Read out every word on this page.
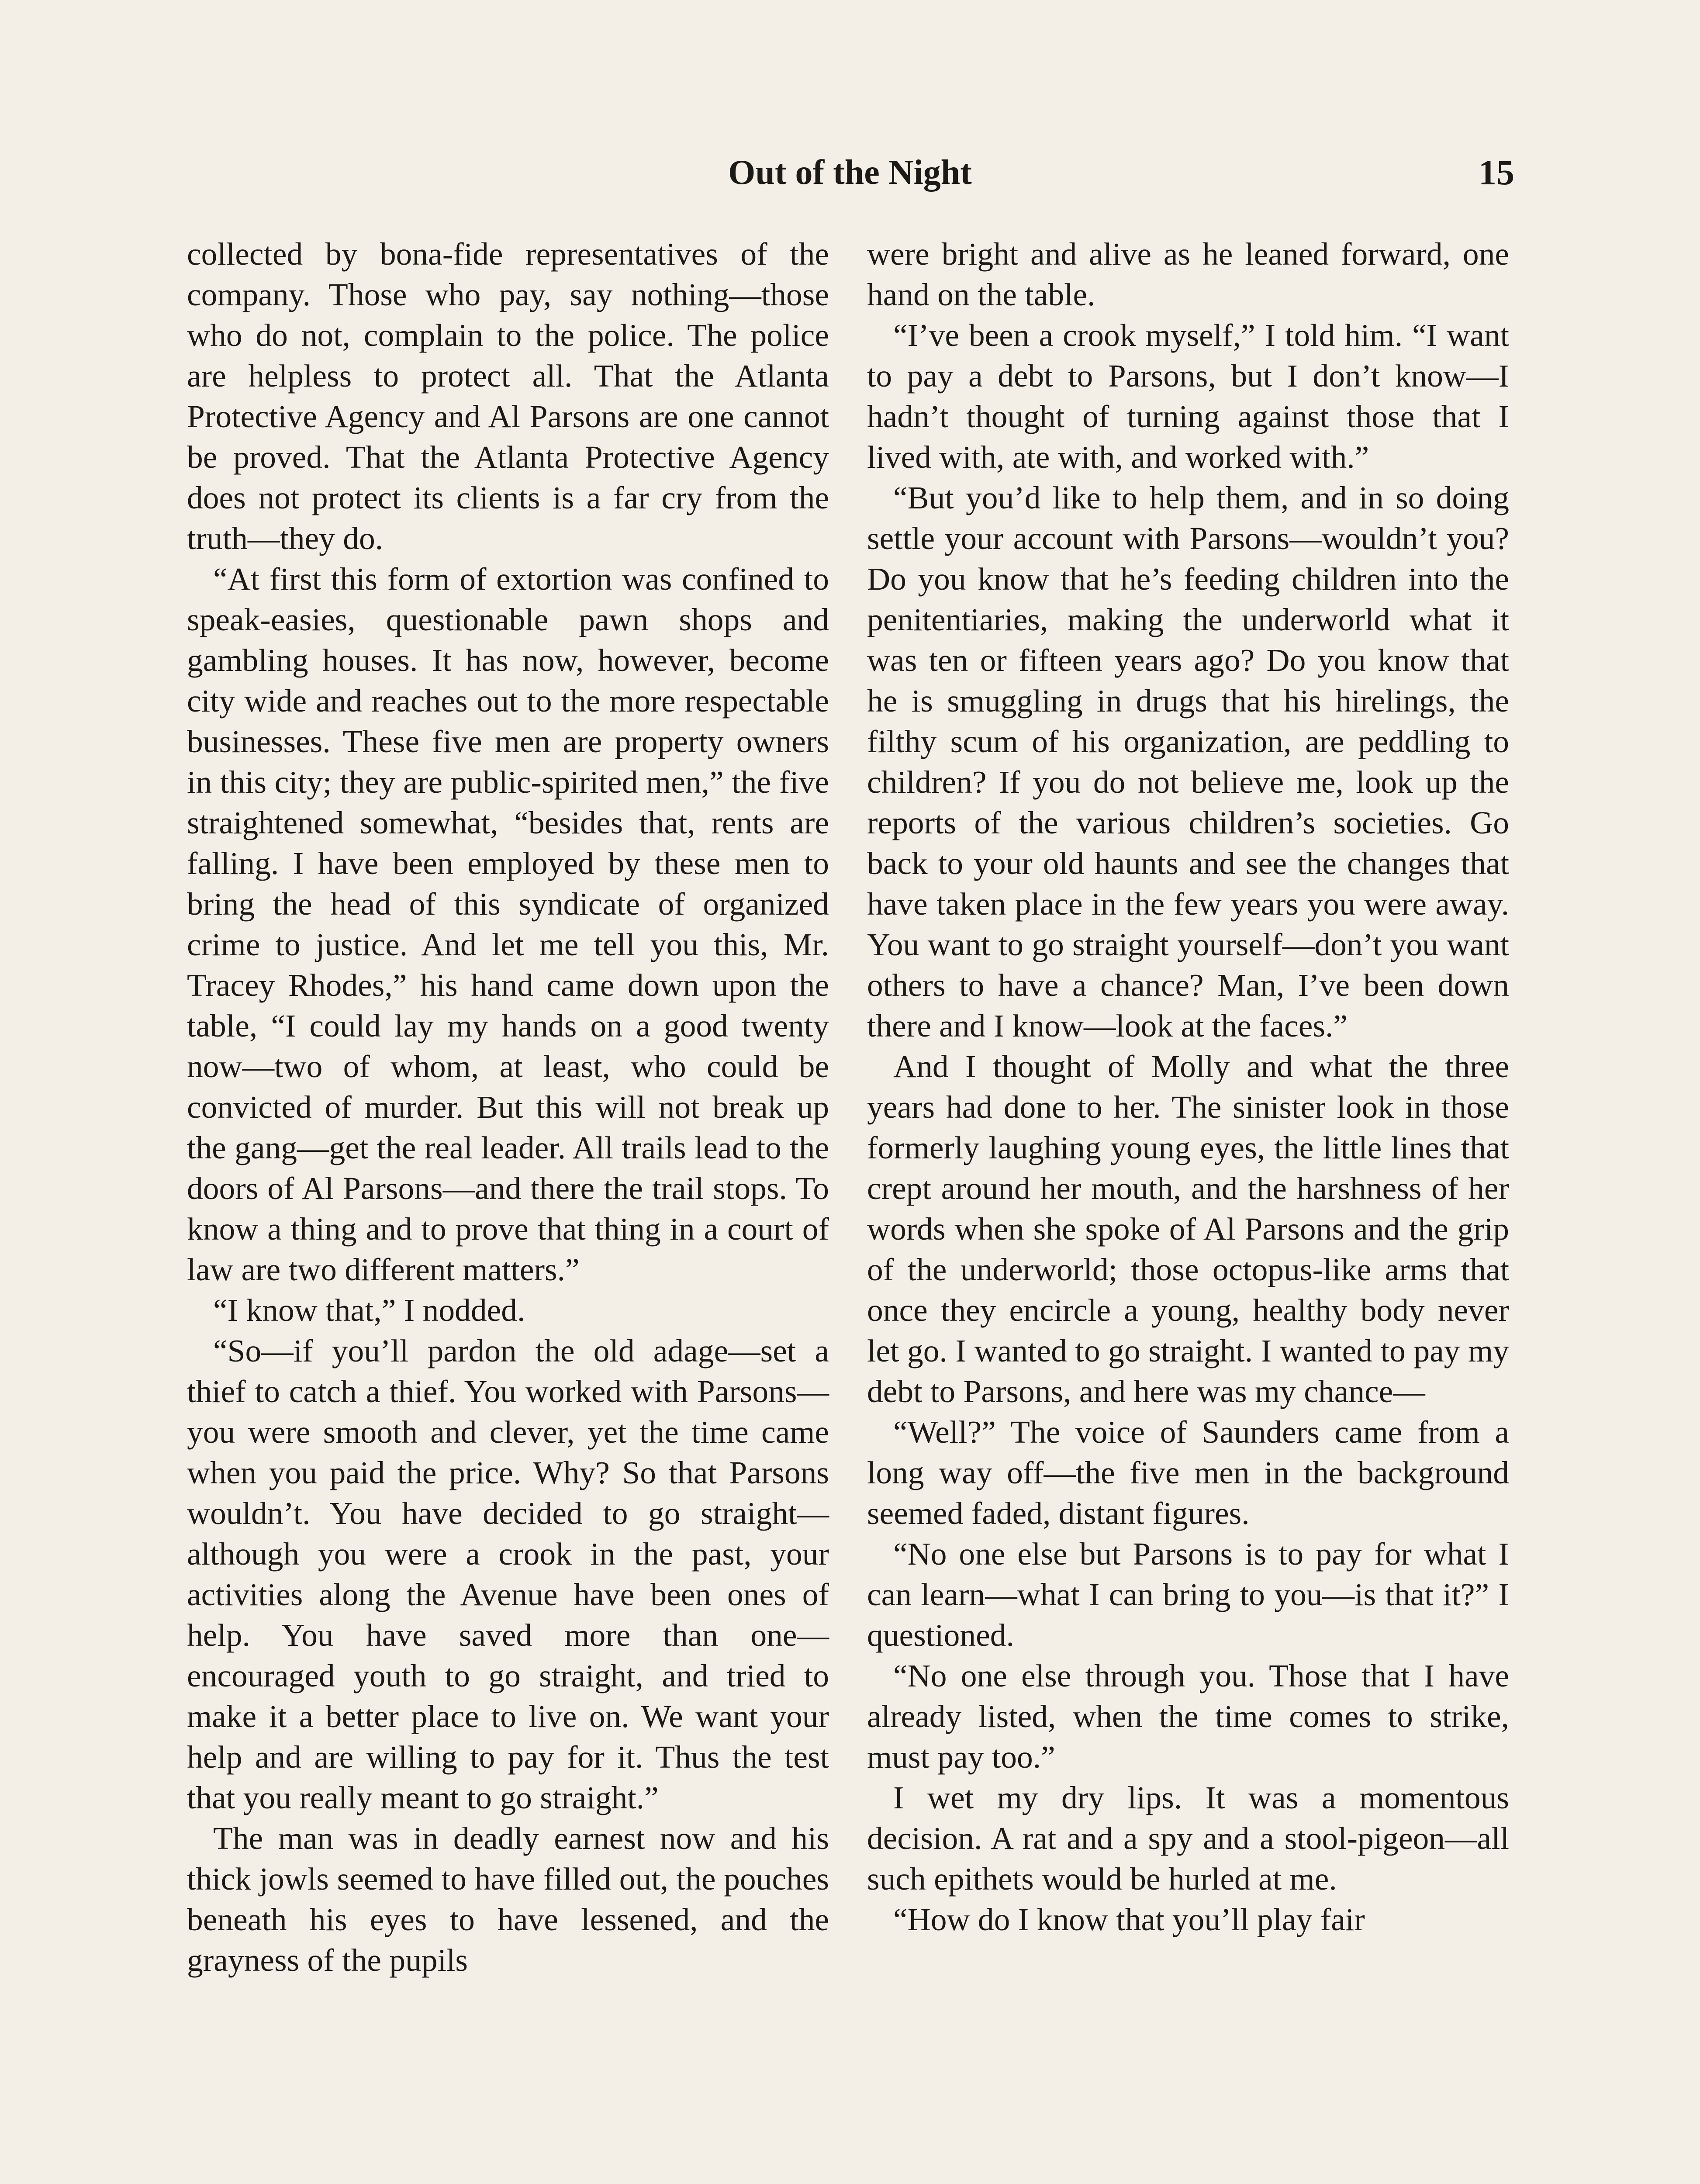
Out of the Night	15

collected by bona-fide representatives of the company. Those who pay, say nothing—those who do not, complain to the police. The police are helpless to protect all. That the Atlanta Protective Agency and Al Parsons are one cannot be proved. That the Atlanta Protective Agency does not protect its clients is a far cry from the truth—they do.

“At first this form of extortion was confined to speak-easies, questionable pawn shops and gambling houses. It has now, however, become city wide and reaches out to the more respectable businesses. These five men are property owners in this city; they are public-spirited men,” the five straightened somewhat, “besides that, rents are falling. I have been employed by these men to bring the head of this syndicate of organized crime to justice. And let me tell you this, Mr. Tracey Rhodes,” his hand came down upon the table, “I could lay my hands on a good twenty now—two of whom, at least, who could be convicted of murder. But this will not break up the gang—get the real leader. All trails lead to the doors of Al Parsons—and there the trail stops. To know a thing and to prove that thing in a court of law are two different matters.”

“I know that,” I nodded.

“So—if you’ll pardon the old adage—set a thief to catch a thief. You worked with Parsons—you were smooth and clever, yet the time came when you paid the price. Why? So that Parsons wouldn’t. You have decided to go straight—although you were a crook in the past, your activities along the Avenue have been ones of help. You have saved more than one—encouraged youth to go straight, and tried to make it a better place to live on. We want your help and are willing to pay for it. Thus the test that you really meant to go straight.”

The man was in deadly earnest now and his thick jowls seemed to have filled out, the pouches beneath his eyes to have lessened, and the grayness of the pupils

were bright and alive as he leaned forward, one hand on the table.

“I’ve been a crook myself,” I told him. “I want to pay a debt to Parsons, but I don’t know—I hadn’t thought of turning against those that I lived with, ate with, and worked with.”

“But you’d like to help them, and in so doing settle your account with Parsons—wouldn’t you? Do you know that he’s feeding children into the penitentiaries, making the underworld what it was ten or fifteen years ago? Do you know that he is smuggling in drugs that his hirelings, the filthy scum of his organization, are peddling to children? If you do not believe me, look up the reports of the various children’s societies. Go back to your old haunts and see the changes that have taken place in the few years you were away. You want to go straight yourself—don’t you want others to have a chance? Man, I’ve been down there and I know—look at the faces.”

And I thought of Molly and what the three years had done to her. The sinister look in those formerly laughing young eyes, the little lines that crept around her mouth, and the harshness of her words when she spoke of Al Parsons and the grip of the underworld; those octopus-like arms that once they encircle a young, healthy body never let go. I wanted to go straight. I wanted to pay my debt to Parsons, and here was my chance—

“Well?” The voice of Saunders came from a long way off—the five men in the background seemed faded, distant figures.

“No one else but Parsons is to pay for what I can learn—what I can bring to you—is that it?” I questioned.

“No one else through you. Those that I have already listed, when the time comes to strike, must pay too.”

I wet my dry lips. It was a momentous decision. A rat and a spy and a stool-pigeon—all such epithets would be hurled at me.

“How do I know that you’ll play fair
